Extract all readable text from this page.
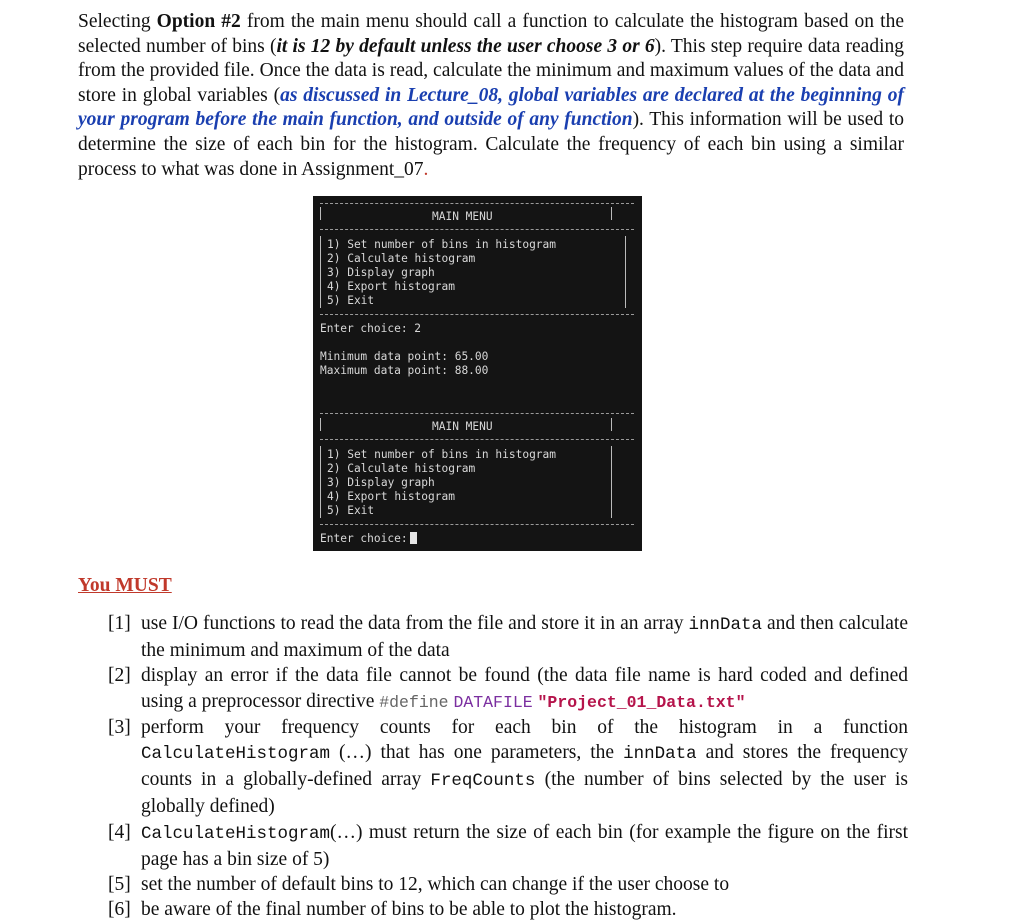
Selecting Option #2 from the main menu should call a function to calculate the histogram based on the selected number of bins (it is 12 by default unless the user choose 3 or 6). This step require data reading from the provided file. Once the data is read, calculate the minimum and maximum values of the data and store in global variables (as discussed in Lecture_08, global variables are declared at the beginning of your program before the main function, and outside of any function). This information will be used to determine the size of each bin for the histogram. Calculate the frequency of each bin using a similar process to what was done in Assignment_07.
MAIN MENU
1) Set number of bins in histogram
2) Calculate histogram
3) Display graph
4) Export histogram
5) Exit
Enter choice: 2
Minimum data point: 65.00
Maximum data point: 88.00
MAIN MENU
1) Set number of bins in histogram
2) Calculate histogram
3) Display graph
4) Export histogram
5) Exit
Enter choice:
You MUST
[1] use I/O functions to read the data from the file and store it in an array innData and then calculate the minimum and maximum of the data
[2] display an error if the data file cannot be found (the data file name is hard coded and defined using a preprocessor directive #define DATAFILE "Project_01_Data.txt"
[3] perform your frequency counts for each bin of the histogram in a function CalculateHistogram (…) that has one parameters, the innData and stores the frequency counts in a globally-defined array FreqCounts (the number of bins selected by the user is globally defined)
[4] CalculateHistogram(…) must return the size of each bin (for example the figure on the first page has a bin size of 5)
[5] set the number of default bins to 12, which can change if the user choose to
[6] be aware of the final number of bins to be able to plot the histogram.
